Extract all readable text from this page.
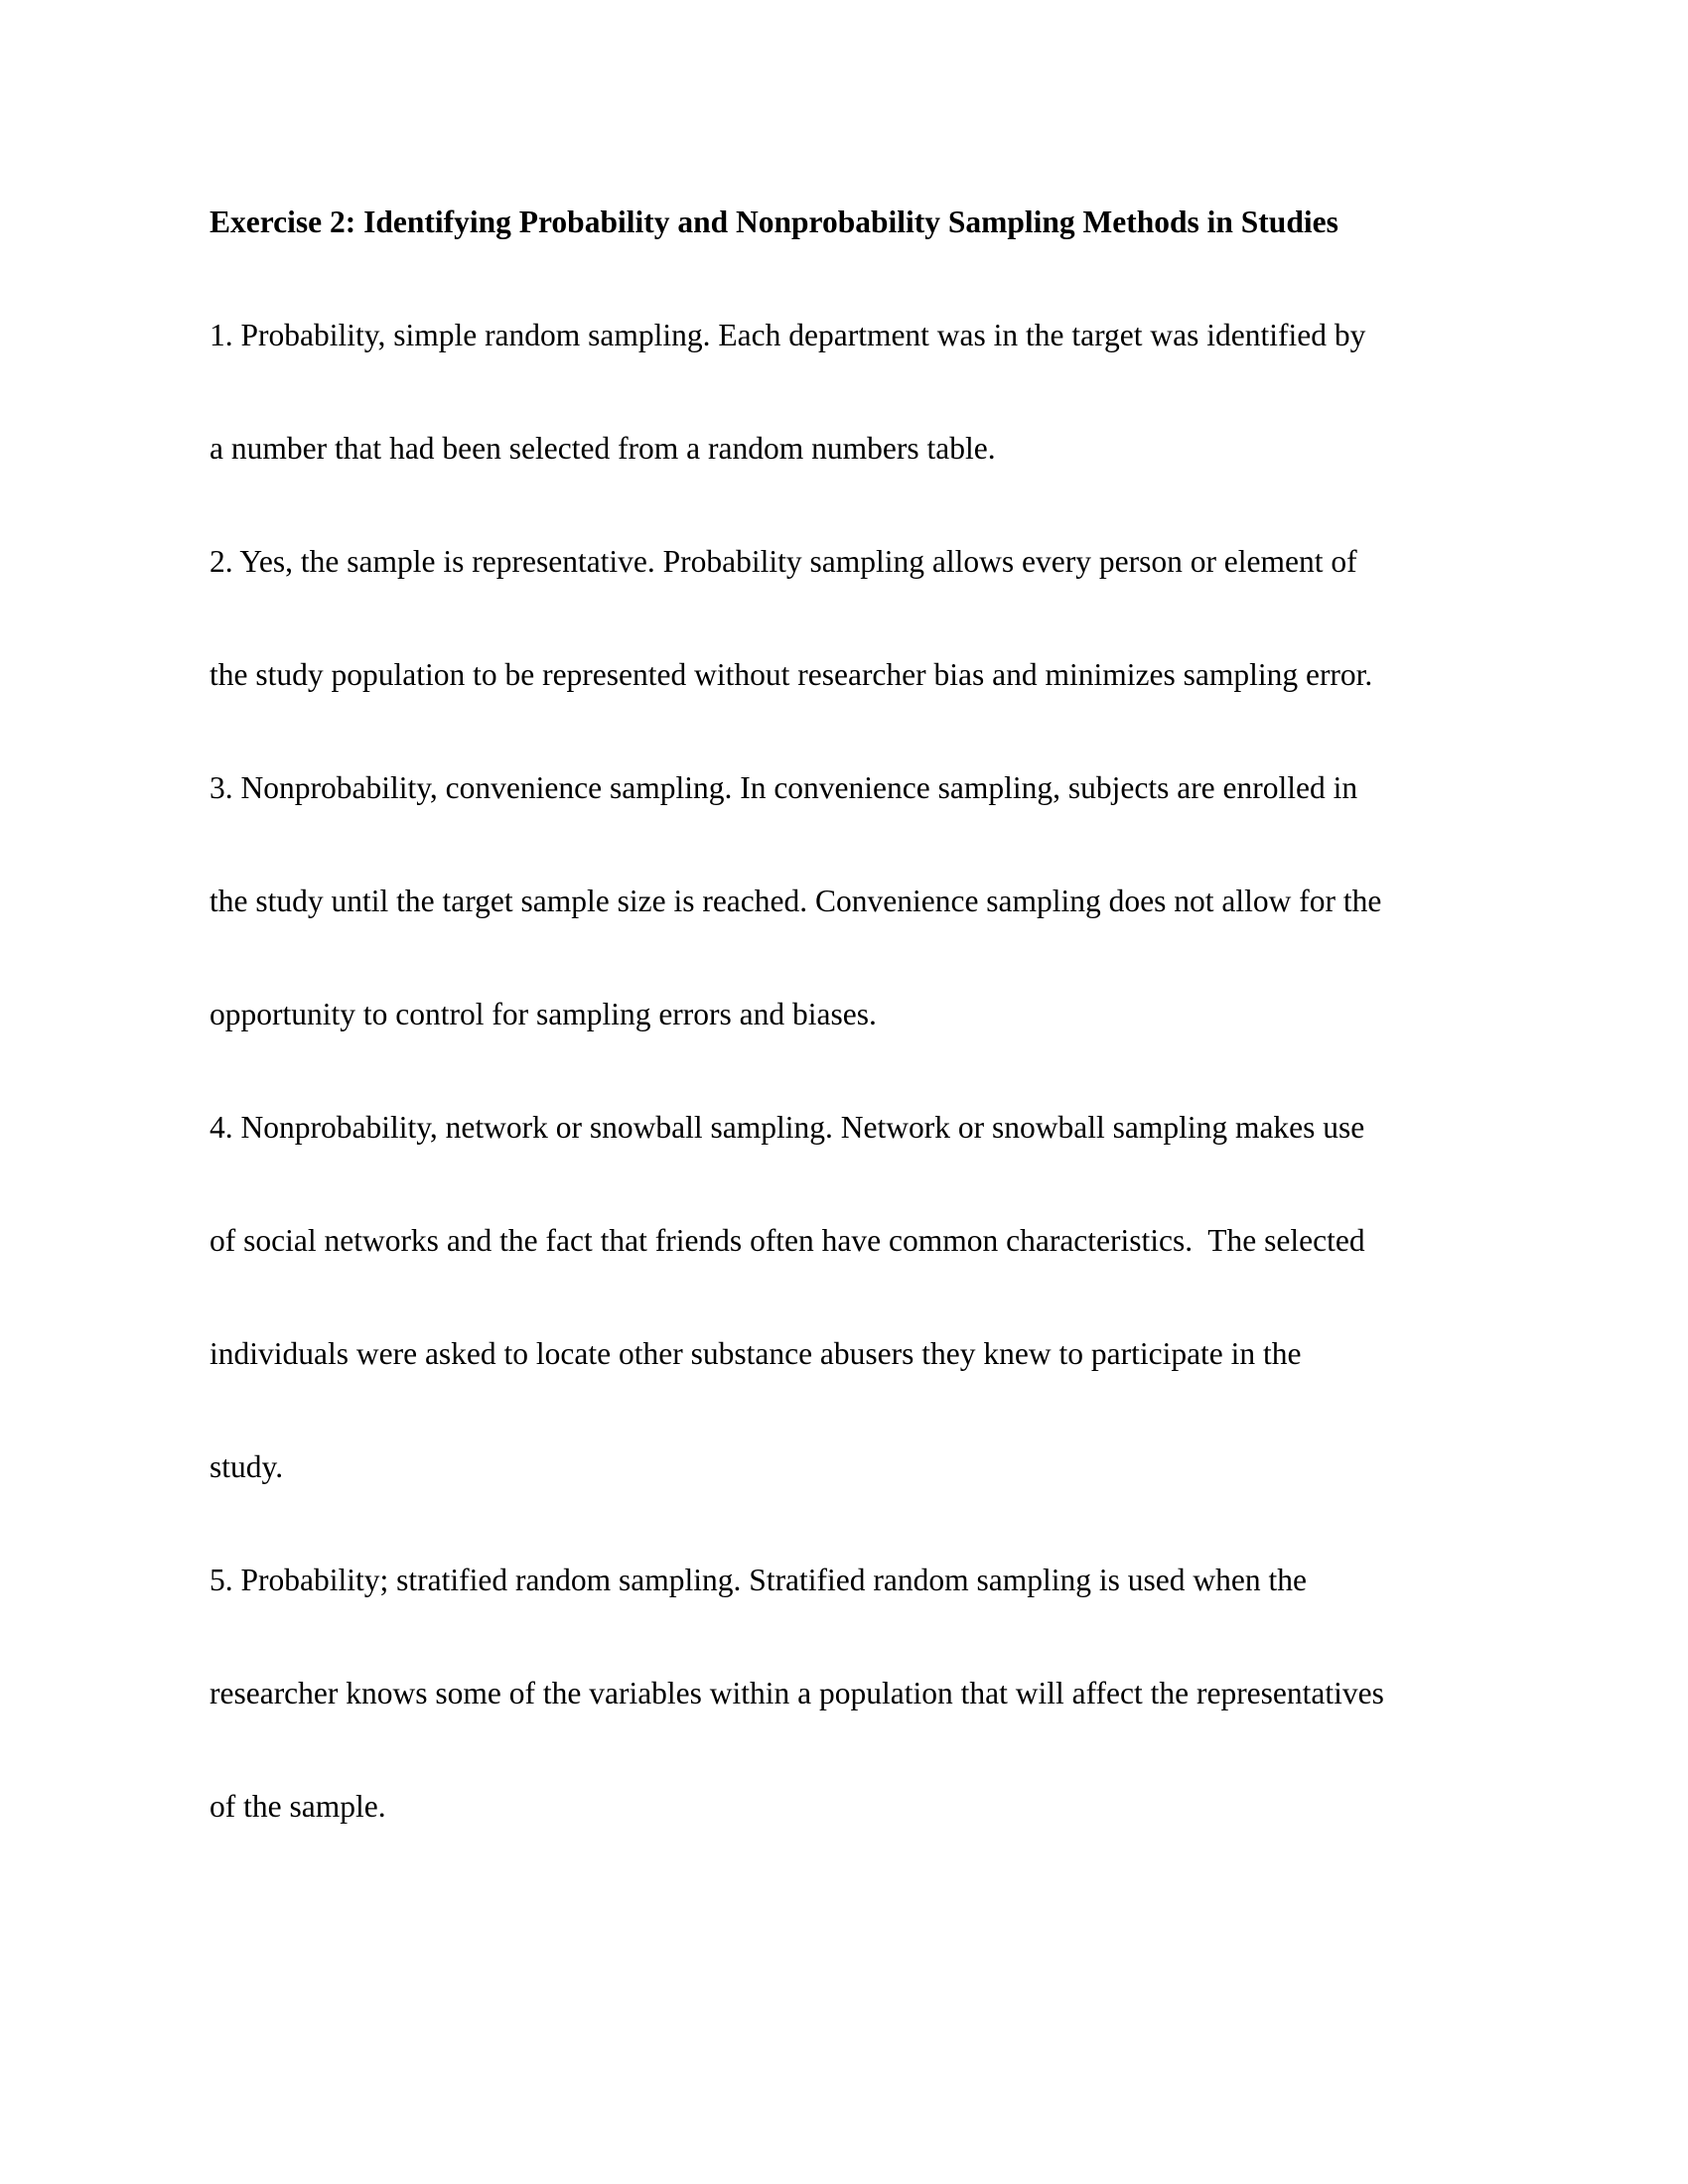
Exercise 2: Identifying Probability and Nonprobability Sampling Methods in Studies

1. Probability, simple random sampling. Each department was in the target was identified by

a number that had been selected from a random numbers table.

2. Yes, the sample is representative. Probability sampling allows every person or element of

the study population to be represented without researcher bias and minimizes sampling error.

3. Nonprobability, convenience sampling. In convenience sampling, subjects are enrolled in

the study until the target sample size is reached. Convenience sampling does not allow for the

opportunity to control for sampling errors and biases.

4. Nonprobability, network or snowball sampling. Network or snowball sampling makes use

of social networks and the fact that friends often have common characteristics.  The selected

individuals were asked to locate other substance abusers they knew to participate in the

study.

5. Probability; stratified random sampling. Stratified random sampling is used when the

researcher knows some of the variables within a population that will affect the representatives

of the sample.
